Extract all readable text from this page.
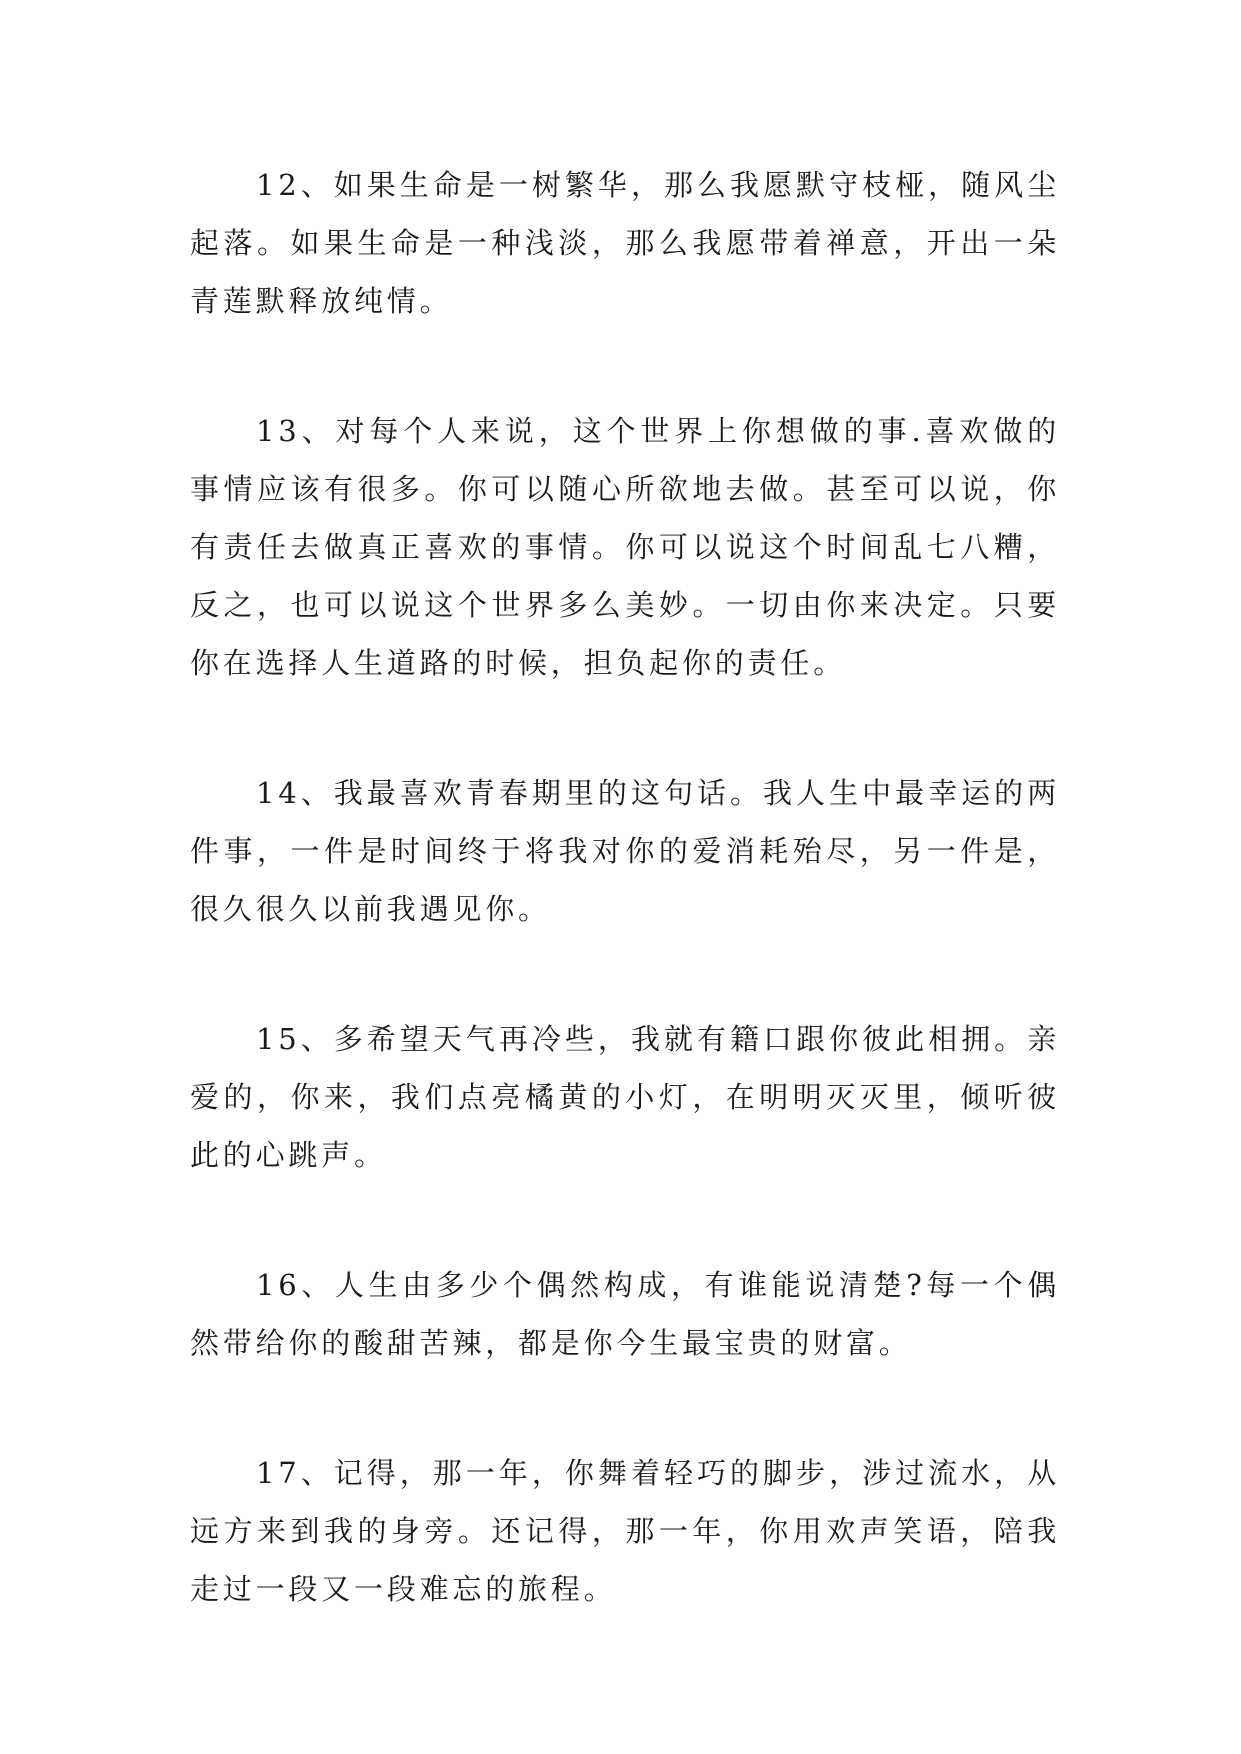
12、如果生命是一树繁华，那么我愿默守枝桠，随风尘起落。如果生命是一种浅淡，那么我愿带着禅意，开出一朵青莲默释放纯情。

13、对每个人来说，这个世界上你想做的事.喜欢做的事情应该有很多。你可以随心所欲地去做。甚至可以说，你有责任去做真正喜欢的事情。你可以说这个时间乱七八糟，反之，也可以说这个世界多么美妙。一切由你来决定。只要你在选择人生道路的时候，担负起你的责任。

14、我最喜欢青春期里的这句话。我人生中最幸运的两件事，一件是时间终于将我对你的爱消耗殆尽，另一件是，很久很久以前我遇见你。

15、多希望天气再冷些，我就有籍口跟你彼此相拥。亲爱的，你来，我们点亮橘黄的小灯，在明明灭灭里，倾听彼此的心跳声。

16、人生由多少个偶然构成，有谁能说清楚?每一个偶然带给你的酸甜苦辣，都是你今生最宝贵的财富。

17、记得，那一年，你舞着轻巧的脚步，涉过流水，从远方来到我的身旁。还记得，那一年，你用欢声笑语，陪我走过一段又一段难忘的旅程。
